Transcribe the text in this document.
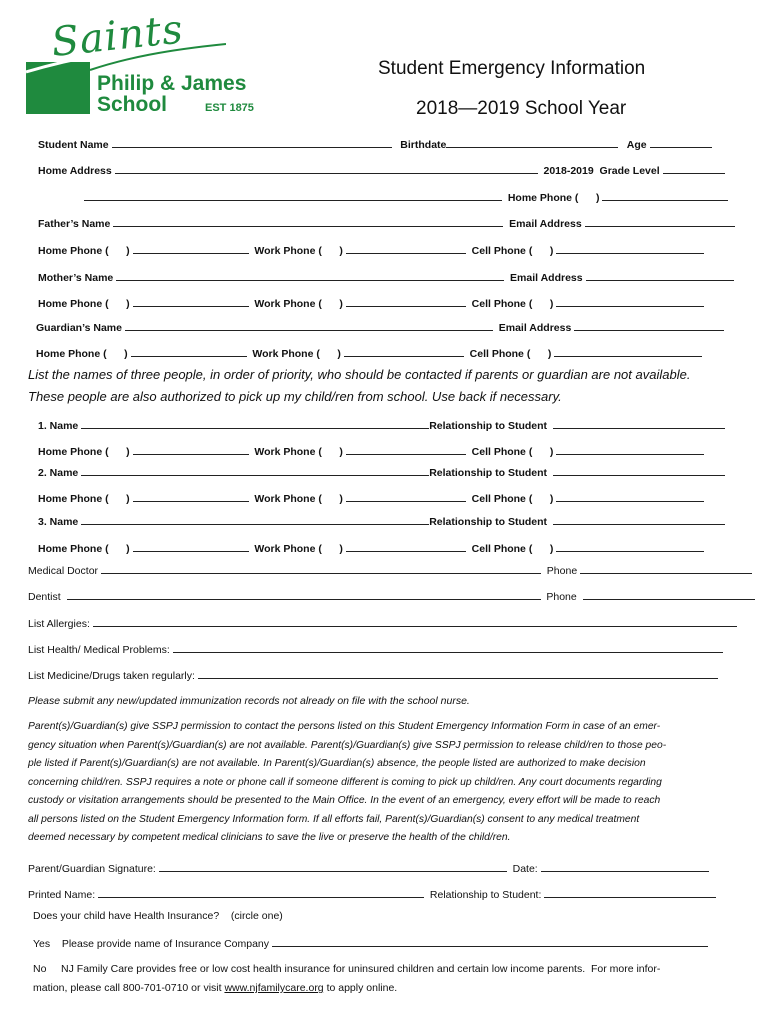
Saints
Philip & James
School	EST 1875
Student Emergency Information
2018—2019 School Year
Student Name	Birthdate	Age
Home Address	2018-2019  Grade Level
Home Phone ( )
Father’s Name	Email Address
Home Phone ( )	Work Phone ( )	Cell Phone ( )
Mother’s Name	Email Address
Home Phone ( )	Work Phone ( )	Cell Phone ( )
Guardian’s Name	Email Address
Home Phone ( )	Work Phone ( )	Cell Phone ( )
List the names of three people, in order of priority, who should be contacted if parents or guardian are not available.
These people are also authorized to pick up my child/ren from school. Use back if necessary.
1. Name	Relationship to Student
Home Phone ( )	Work Phone ( )	Cell Phone ( )
2. Name	Relationship to Student
Home Phone ( )	Work Phone ( )	Cell Phone ( )
3. Name	Relationship to Student
Home Phone ( )	Work Phone ( )	Cell Phone ( )
Medical Doctor	Phone
Dentist	Phone
List Allergies:
List Health/ Medical Problems:
List Medicine/Drugs taken regularly:
Please submit any new/updated immunization records not already on file with the school nurse.
Parent(s)/Guardian(s) give SSPJ permission to contact the persons listed on this Student Emergency Information Form in case of an emer-
gency situation when Parent(s)/Guardian(s) are not available. Parent(s)/Guardian(s) give SSPJ permission to release child/ren to those peo-
ple listed if Parent(s)/Guardian(s) are not available. In Parent(s)/Guardian(s) absence, the people listed are authorized to make decision
concerning child/ren. SSPJ requires a note or phone call if someone different is coming to pick up child/ren. Any court documents regarding
custody or visitation arrangements should be presented to the Main Office. In the event of an emergency, every effort will be made to reach
all persons listed on the Student Emergency Information form. If all efforts fail, Parent(s)/Guardian(s) consent to any medical treatment
deemed necessary by competent medical clinicians to save the live or preserve the health of the child/ren.
Parent/Guardian Signature:	Date:
Printed Name:	Relationship to Student:
Does your child have Health Insurance?    (circle one)
Yes Please provide name of Insurance Company
No NJ Family Care provides free or low cost health insurance for uninsured children and certain low income parents.  For more infor-
mation, please call 800-701-0710 or visit www.njfamilycare.org to apply online.
